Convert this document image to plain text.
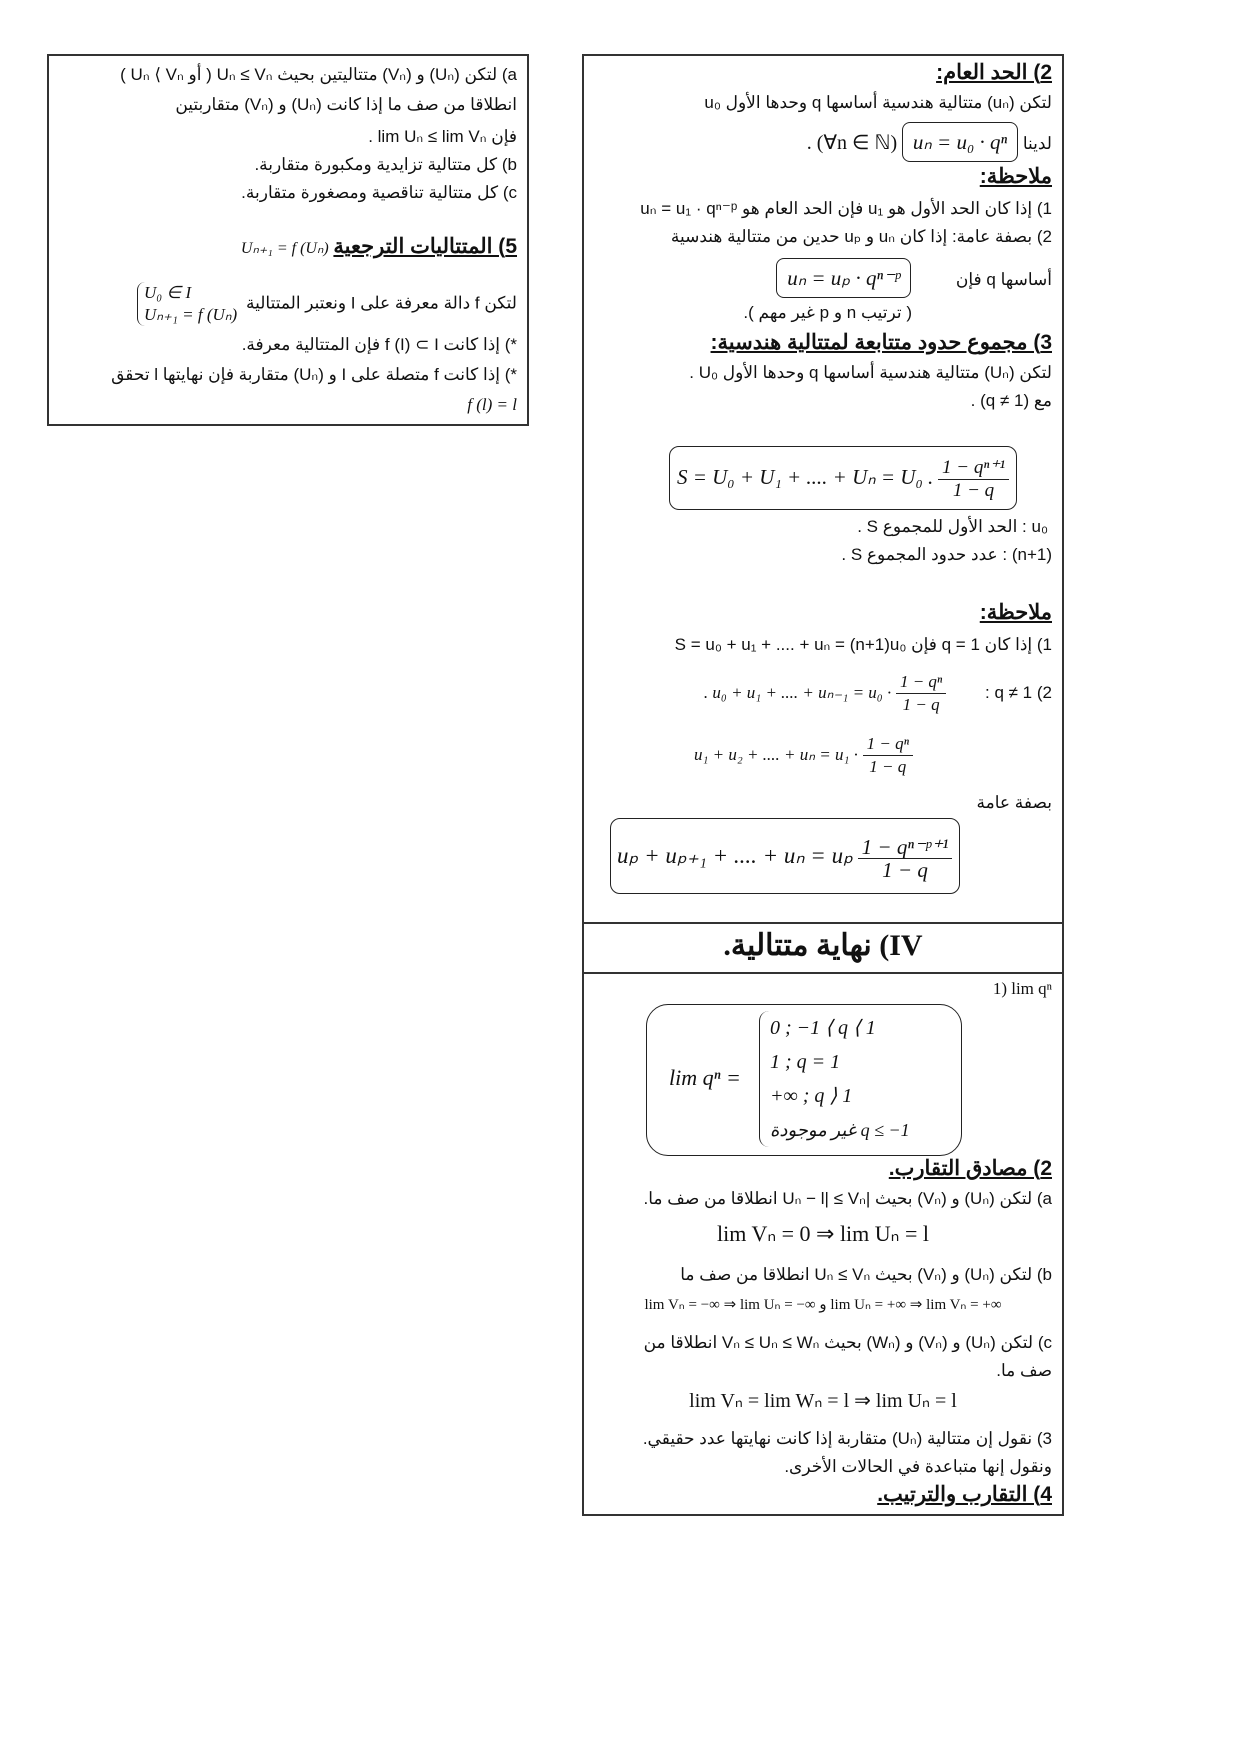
a) لتكن (Uₙ) و (Vₙ) متتاليتين بحيث Uₙ ≤ Vₙ ( أو Uₙ ⟨ Vₙ )
انطلاقا من صف ما إذا كانت (Uₙ) و (Vₙ) متقاربتين
فإن lim Uₙ ≤ lim Vₙ .
b) كل متتالية تزايدية ومكبورة متقاربة.
c) كل متتالية تناقصية ومصغورة متقاربة.
5) المتتاليات الترجعية Uₙ₊₁ = f (Uₙ)
لتكن f دالة معرفة على I ونعتبر المتتالية
U₀ ∈ I
Uₙ₊₁ = f (Uₙ)
*) إذا كانت f (I) ⊂ I فإن المتتالية معرفة.
*) إذا كانت f متصلة على I و (Uₙ) متقاربة فإن نهايتها l تحقق
f (l) = l
2) الحد العام:
لتكن (uₙ) متتالية هندسية أساسها q وحدها الأول u₀
لدينا uₙ = u₀ · qⁿ . (∀n ∈ ℕ)
ملاحظة:
1) إذا كان الحد الأول هو u₁ فإن الحد العام هو uₙ = u₁ · qⁿ⁻ᵖ
2) بصفة عامة: إذا كان uₙ و uₚ حدين من متتالية هندسية
أساسها q فإن uₙ = uₚ · qⁿ⁻ᵖ
( ترتيب n و p غير مهم ).
3) مجموع حدود متتابعة لمتتالية هندسية:
لتكن (Uₙ) متتالية هندسية أساسها q وحدها الأول U₀ .
مع (q ≠ 1) .
S = U₀ + U₁ + .... + Uₙ = U₀ . $\frac{\text{1 − qⁿ⁺¹}}{1 - q}$
u₀ : الحد الأول للمجموع S .
(n+1) : عدد حدود المجموع S .
ملاحظة:
1) إذا كان q = 1 فإن S = u₀ + u₁ + .... + uₙ = (n+1)u₀
2) q ≠ 1 : . u₀ + u₁ + .... + $u_{n-1} = u_0 \cdot \frac{\text{1 − qⁿ}}{1 - q}$
u₁ + u₂ + .... + $u_n = u_1 \cdot \frac{\text{1 − qⁿ}}{1 - q}$
بصفة عامة
uₚ + uₚ₊₁ + .... + uₙ = uₚ $\frac{\text{1 − qⁿ⁻ᵖ⁺¹}}{1 - q}$
IV) نهاية متتالية.
1) lim qⁿ
lim qⁿ =
0 ; −1 ⟨ q ⟨ 1
1 ; q = 1
+∞ ; q ⟩ 1
غير موجودة q ≤ −1
2) مصادق التقارب.
a) لتكن (Uₙ) و (Vₙ) بحيث |Uₙ − l| ≤ Vₙ انطلاقا من صف ما.
lim Vₙ = 0 ⇒ lim Uₙ = l
b) لتكن (Uₙ) و (Vₙ) بحيث Uₙ ≤ Vₙ انطلاقا من صف ما
lim Vₙ = −∞ ⇒ lim Uₙ = −∞ و lim Uₙ = +∞ ⇒ lim Vₙ = +∞
c) لتكن (Uₙ) و (Vₙ) و (Wₙ) بحيث Vₙ ≤ Uₙ ≤ Wₙ انطلاقا من
صف ما.
lim Vₙ = lim Wₙ = l ⇒ lim Uₙ = l
3) نقول إن متتالية (Uₙ) متقاربة إذا كانت نهايتها عدد حقيقي.
ونقول إنها متباعدة في الحالات الأخرى.
4) التقارب والترتيب.
